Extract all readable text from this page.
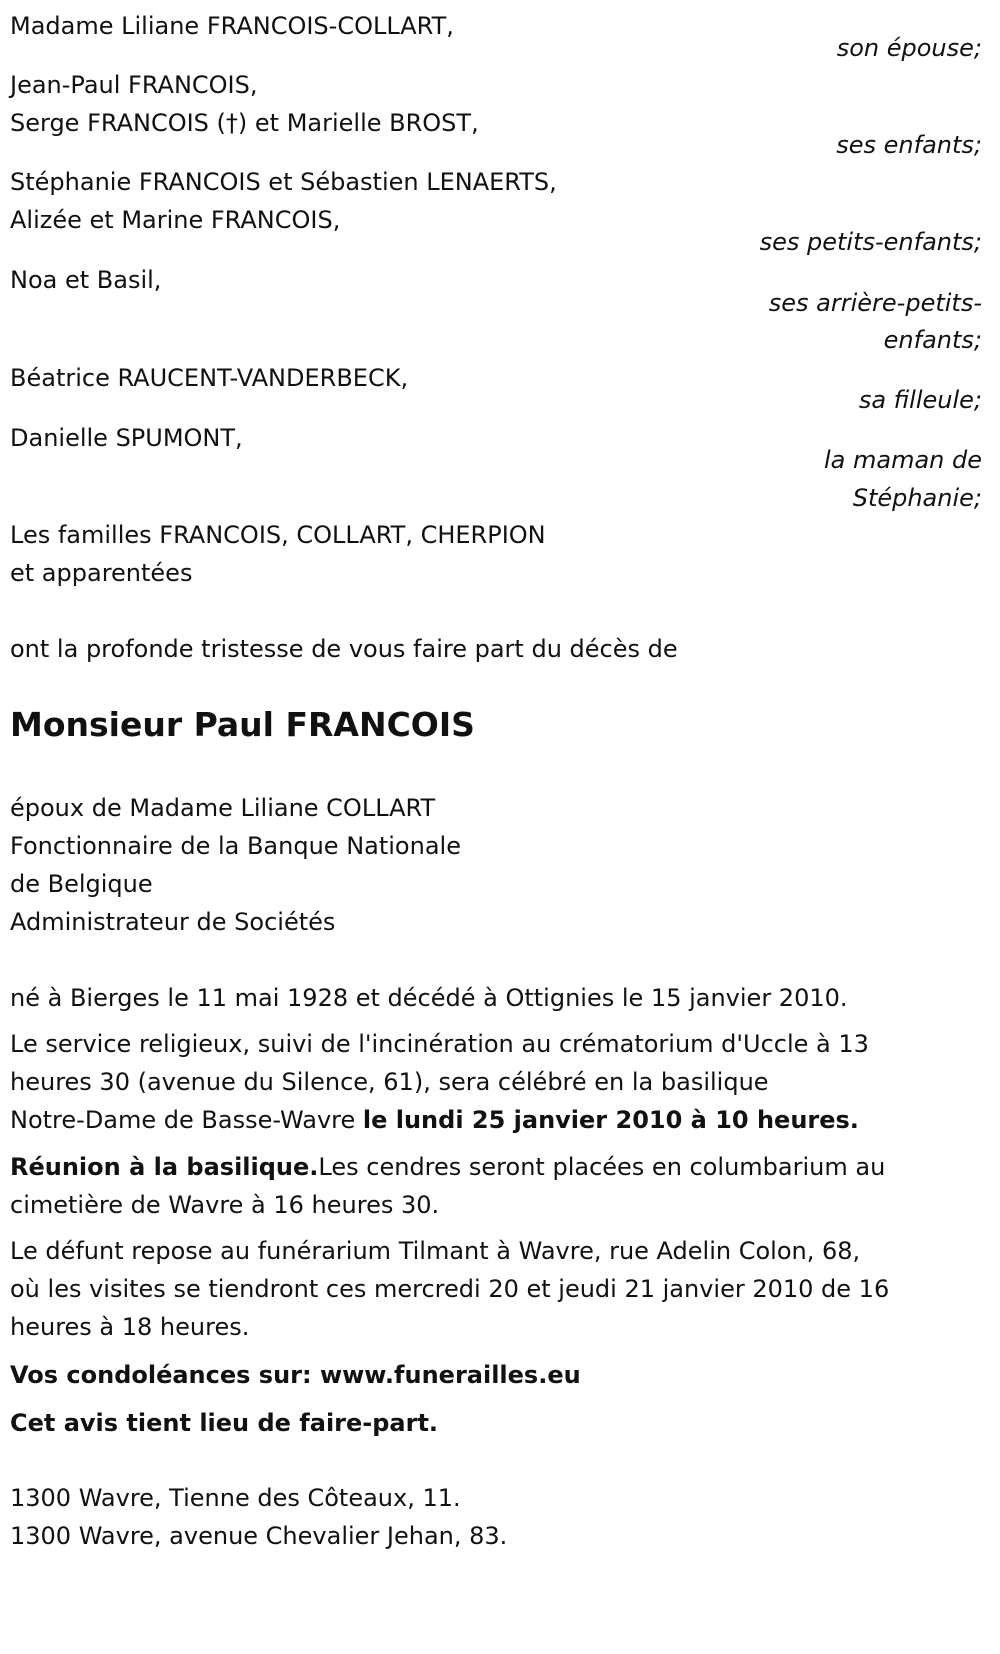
Madame Liliane FRANCOIS-COLLART,
son épouse;
Jean-Paul FRANCOIS,
Serge FRANCOIS (†) et Marielle BROST,
ses enfants;
Stéphanie FRANCOIS et Sébastien LENAERTS,
Alizée et Marine FRANCOIS,
ses petits-enfants;
Noa et Basil,
ses arrière-petits-
enfants;
Béatrice RAUCENT-VANDERBECK,
sa filleule;
Danielle SPUMONT,
la maman de
Stéphanie;
Les familles FRANCOIS, COLLART, CHERPION
et apparentées
ont la profonde tristesse de vous faire part du décès de
Monsieur Paul FRANCOIS
époux de Madame Liliane COLLART
Fonctionnaire de la Banque Nationale
de Belgique
Administrateur de Sociétés
né à Bierges le 11 mai 1928 et décédé à Ottignies le 15 janvier 2010.
Le service religieux, suivi de l'incinération au crématorium d'Uccle à 13
heures 30 (avenue du Silence, 61), sera célébré en la basilique
Notre-Dame de Basse-Wavre le lundi 25 janvier 2010 à 10 heures.
Réunion à la basilique.Les cendres seront placées en columbarium au
cimetière de Wavre à 16 heures 30.
Le défunt repose au funérarium Tilmant à Wavre, rue Adelin Colon, 68,
où les visites se tiendront ces mercredi 20 et jeudi 21 janvier 2010 de 16
heures à 18 heures.
Vos condoléances sur: www.funerailles.eu
Cet avis tient lieu de faire-part.
1300 Wavre, Tienne des Côteaux, 11.
1300 Wavre, avenue Chevalier Jehan, 83.
